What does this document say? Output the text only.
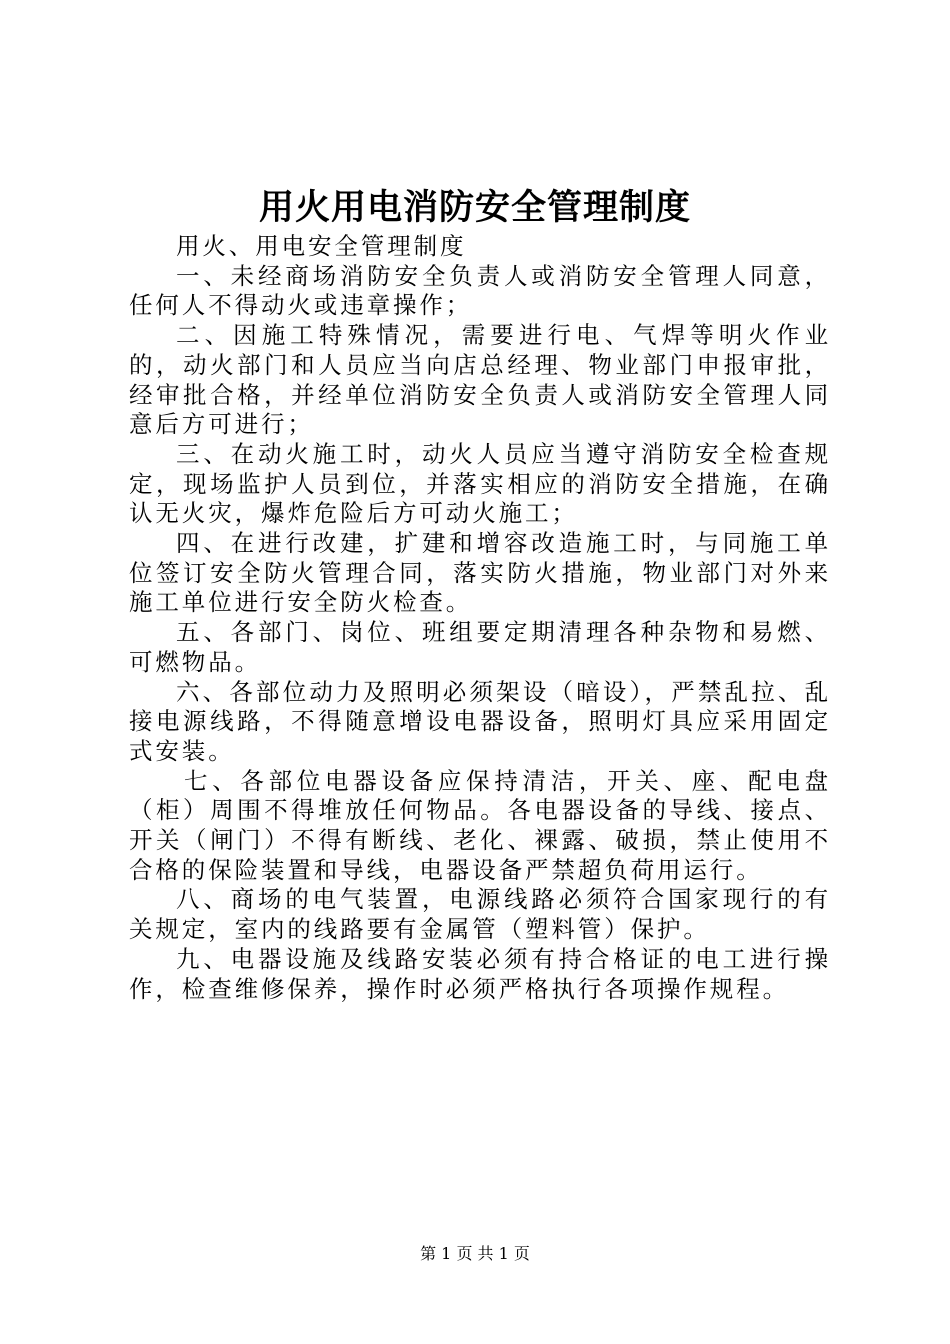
用火用电消防安全管理制度

用火、用电安全管理制度

一、未经商场消防安全负责人或消防安全管理人同意，任何人不得动火或违章操作；

二、因施工特殊情况，需要进行电、气焊等明火作业的，动火部门和人员应当向店总经理、物业部门申报审批，经审批合格，并经单位消防安全负责人或消防安全管理人同意后方可进行；

三、在动火施工时，动火人员应当遵守消防安全检查规定，现场监护人员到位，并落实相应的消防安全措施，在确认无火灾，爆炸危险后方可动火施工；

四、在进行改建，扩建和增容改造施工时，与同施工单位签订安全防火管理合同，落实防火措施，物业部门对外来施工单位进行安全防火检查。

五、各部门、岗位、班组要定期清理各种杂物和易燃、可燃物品。

六、各部位动力及照明必须架设（暗设），严禁乱拉、乱接电源线路，不得随意增设电器设备，照明灯具应采用固定式安装。

七、各部位电器设备应保持清洁，开关、座、配电盘（柜）周围不得堆放任何物品。各电器设备的导线、接点、开关（闸门）不得有断线、老化、裸露、破损，禁止使用不合格的保险装置和导线，电器设备严禁超负荷用运行。

八、商场的电气装置，电源线路必须符合国家现行的有关规定，室内的线路要有金属管（塑料管）保护。

九、电器设施及线路安装必须有持合格证的电工进行操作，检查维修保养，操作时必须严格执行各项操作规程。

第 1 页 共 1 页
